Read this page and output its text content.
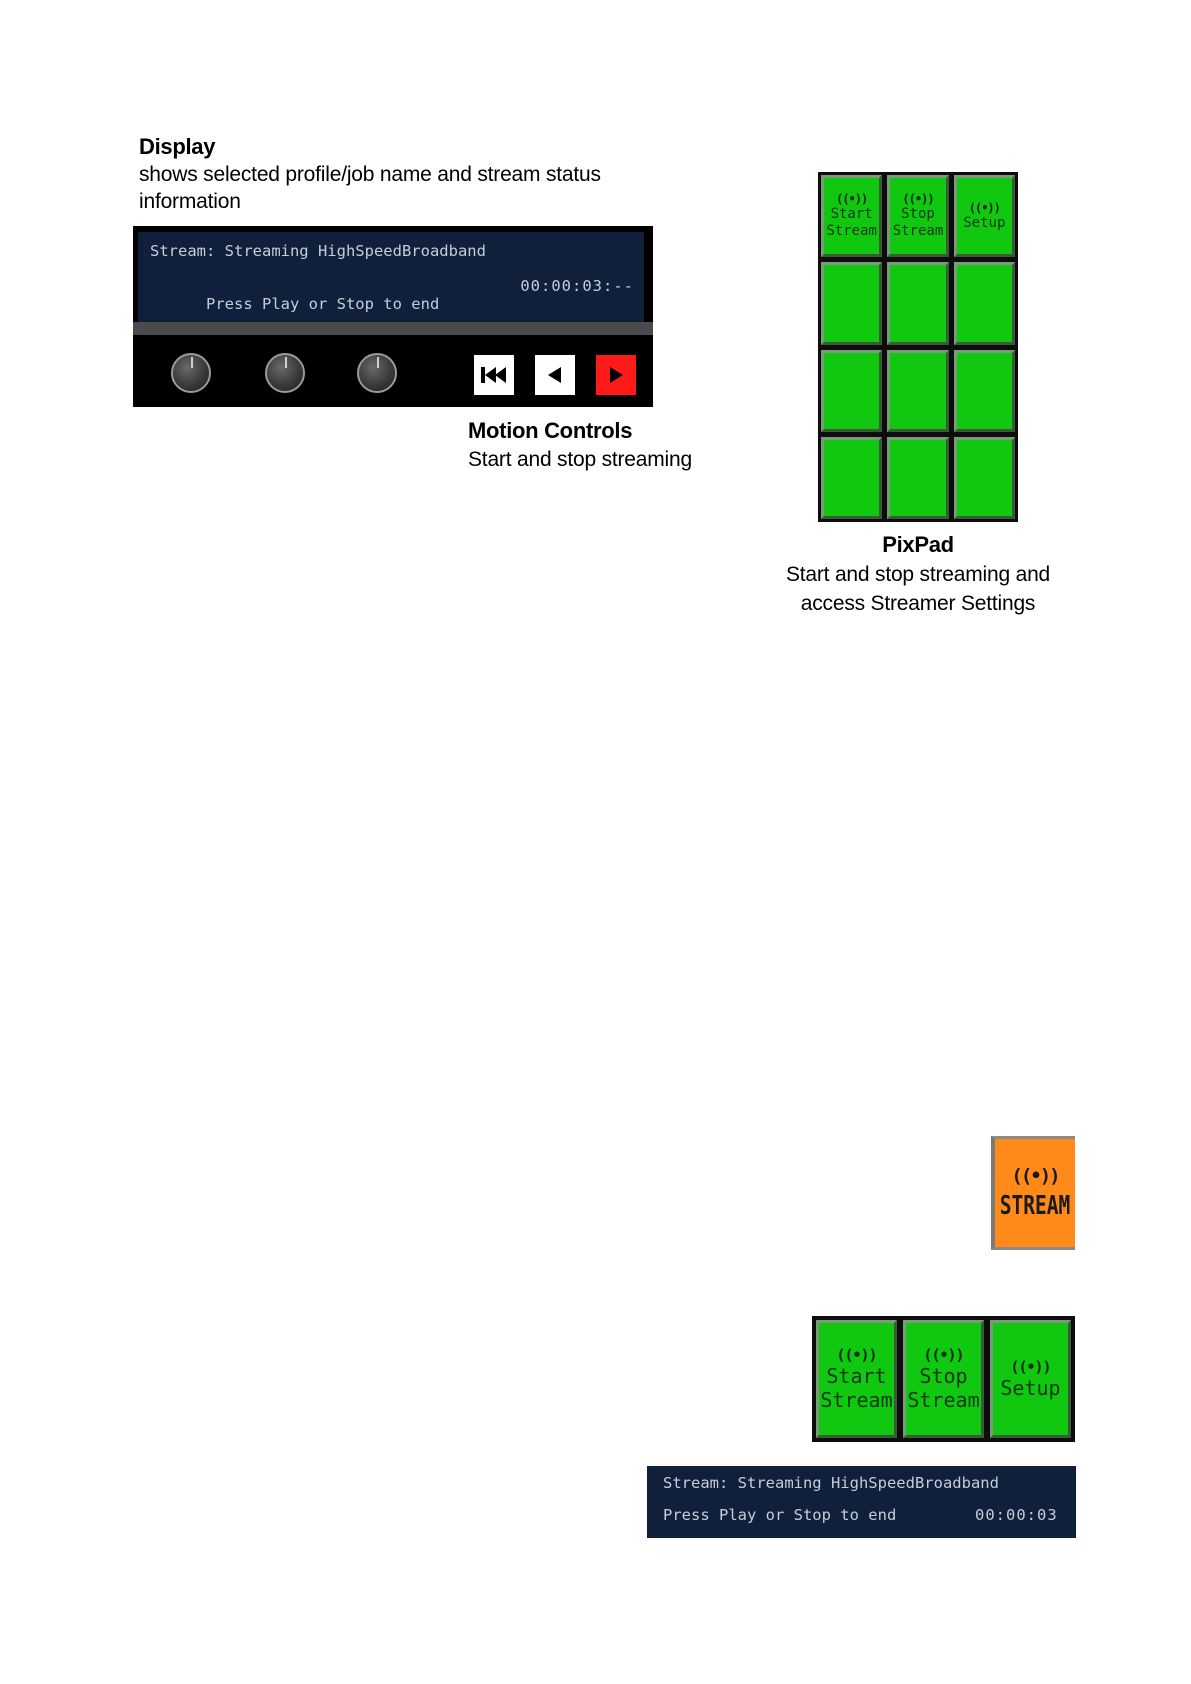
Display
shows selected profile/job name and stream status
information
Stream: Streaming HighSpeedBroadband

Press Play or Stop to end

00:00:03:--

Motion Controls
Start and stop streaming
((•))
Start
Stream
((•))
Stop
Stream
((•))
Setup
PixPad
Start and stop streaming and
access Streamer Settings
((•))
STREAM
((•))
Start
Stream
((•))
Stop
Stream
((•))
Setup
Stream: Streaming HighSpeedBroadband
Press Play or Stop to end	00:00:03
